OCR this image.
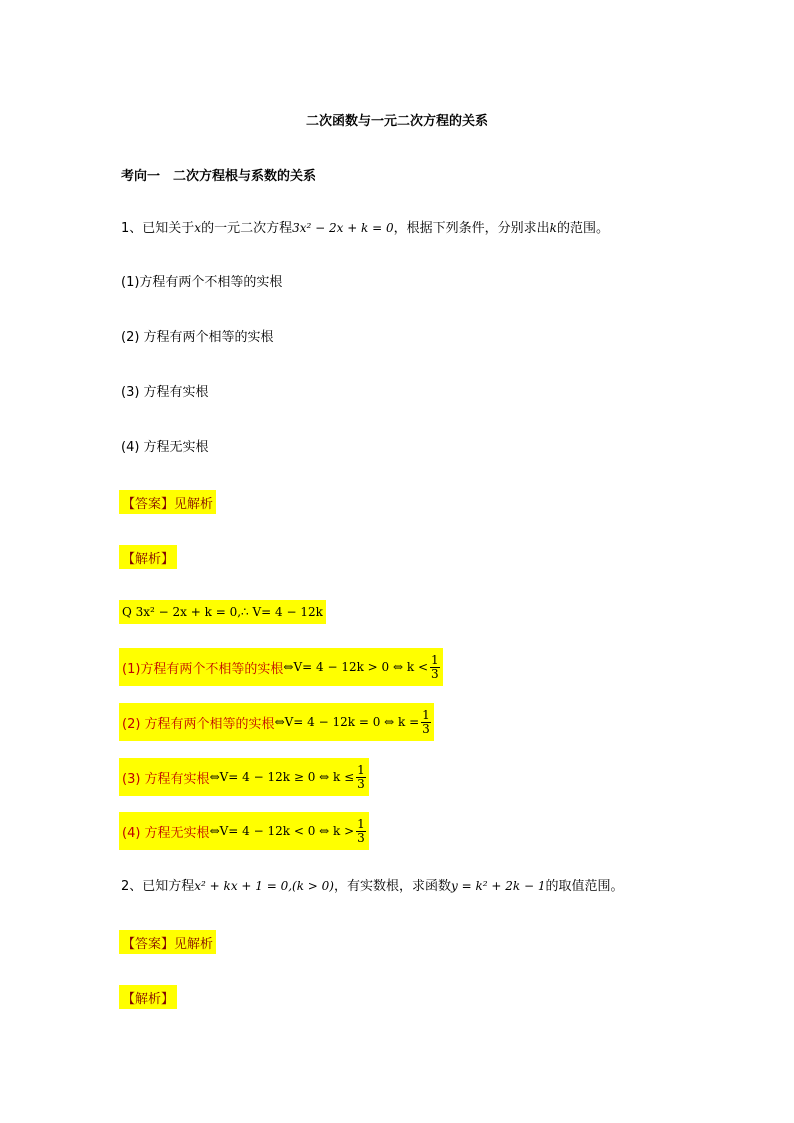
二次函数与一元二次方程的关系
考向一　二次方程根与系数的关系
1、已知关于x的一元二次方程3x² − 2x + k = 0，根据下列条件，分别求出k的范围。
(1)方程有两个不相等的实根
(2) 方程有两个相等的实根
(3) 方程有实根
(4) 方程无实根
【答案】见解析
【解析】
Q 3x² − 2x + k = 0,∴ V= 4 − 12k
(1)方程有两个不相等的实根 ⇔V= 4 − 12k > 0 ⇔ $k < \frac{1}{3}$
(2) 方程有两个相等的实根 ⇔V= 4 − 12k = 0 ⇔ $k = \frac{1}{3}$
(3) 方程有实根 ⇔V= 4 − 12k ≥ 0 ⇔ $k \le \frac{1}{3}$
(4) 方程无实根 ⇔V= 4 − 12k < 0 ⇔ $k > \frac{1}{3}$
2、已知方程x² + kx + 1 = 0,(k > 0)，有实数根，求函数y = k² + 2k − 1的取值范围。
【答案】见解析
【解析】
